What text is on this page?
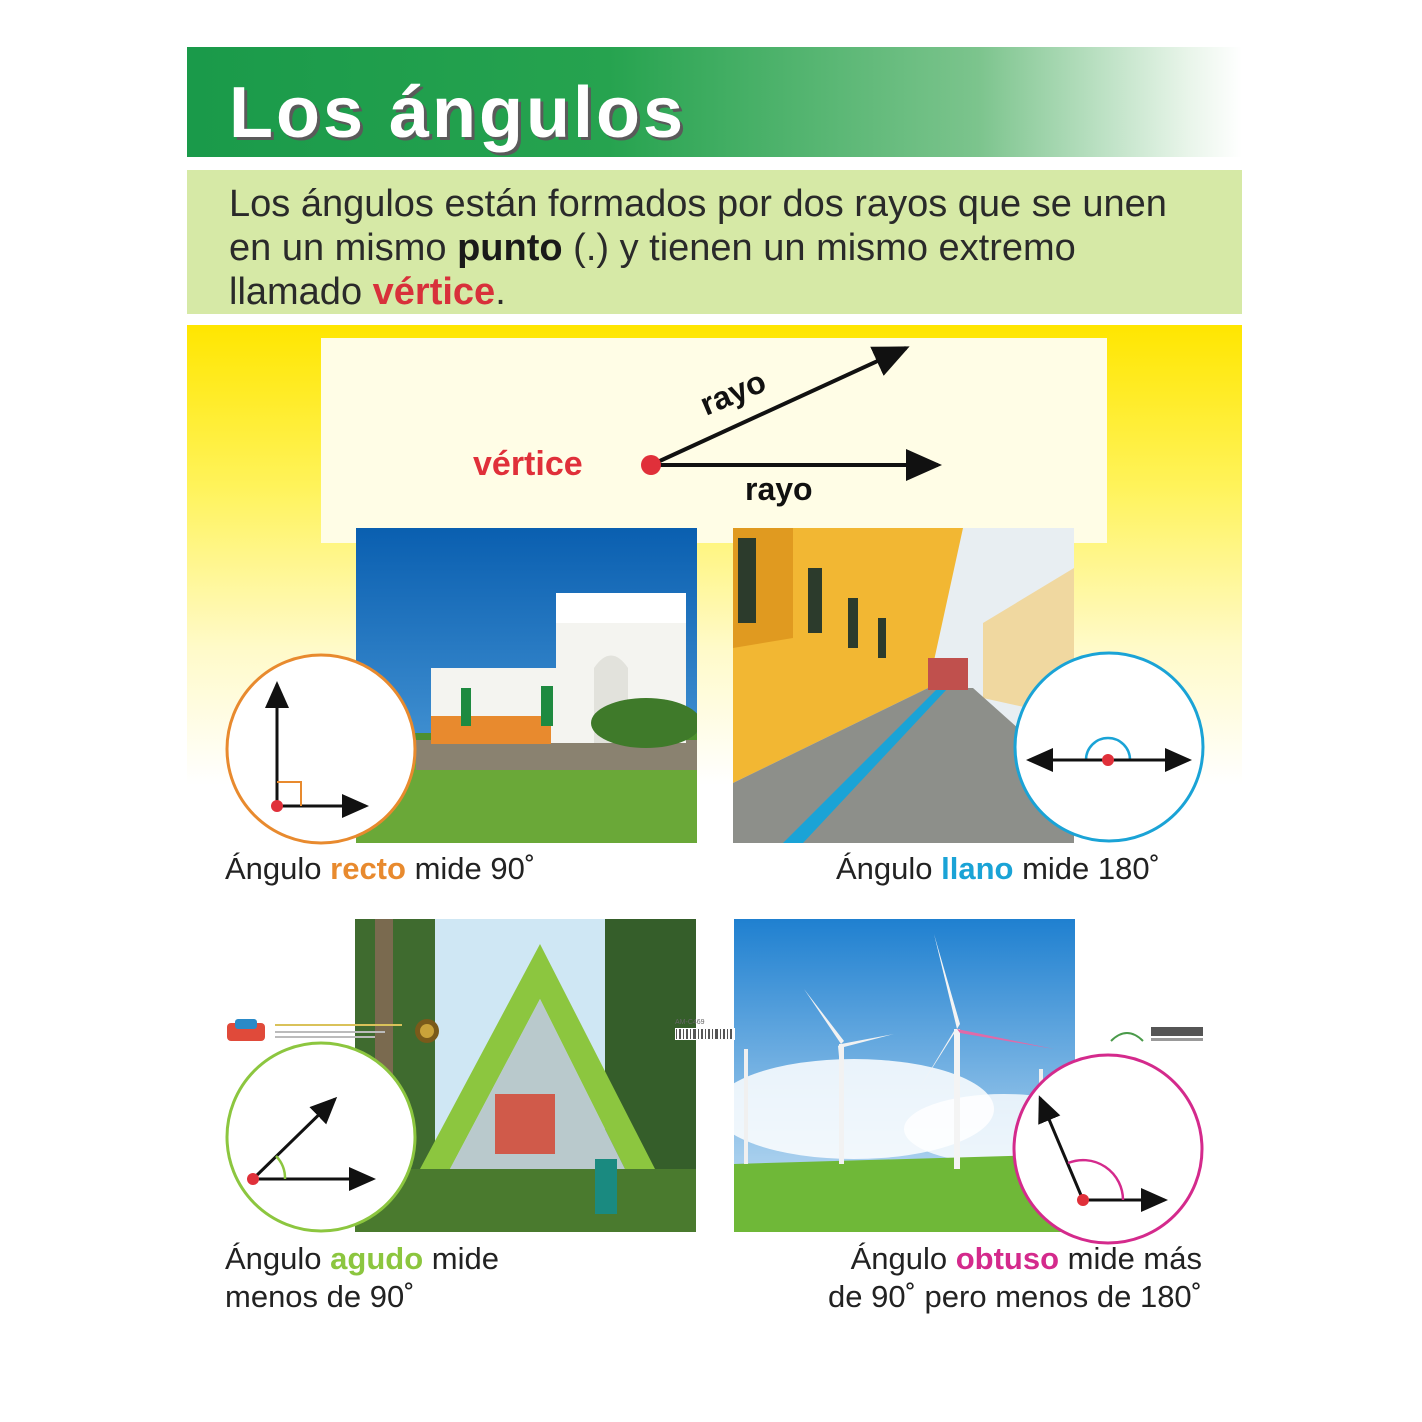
Los ángulos
Los ángulos están formados por dos rayos que se unen en un mismo punto (.) y tienen un mismo extremo llamado vértice.
vértice
rayo
rayo
Ángulo recto mide 90˚	Ángulo llano mide 180˚
Ángulo agudo mide
menos de 90˚
Ángulo obtuso mide más
de 90˚ pero menos de 180˚
AM-C469
